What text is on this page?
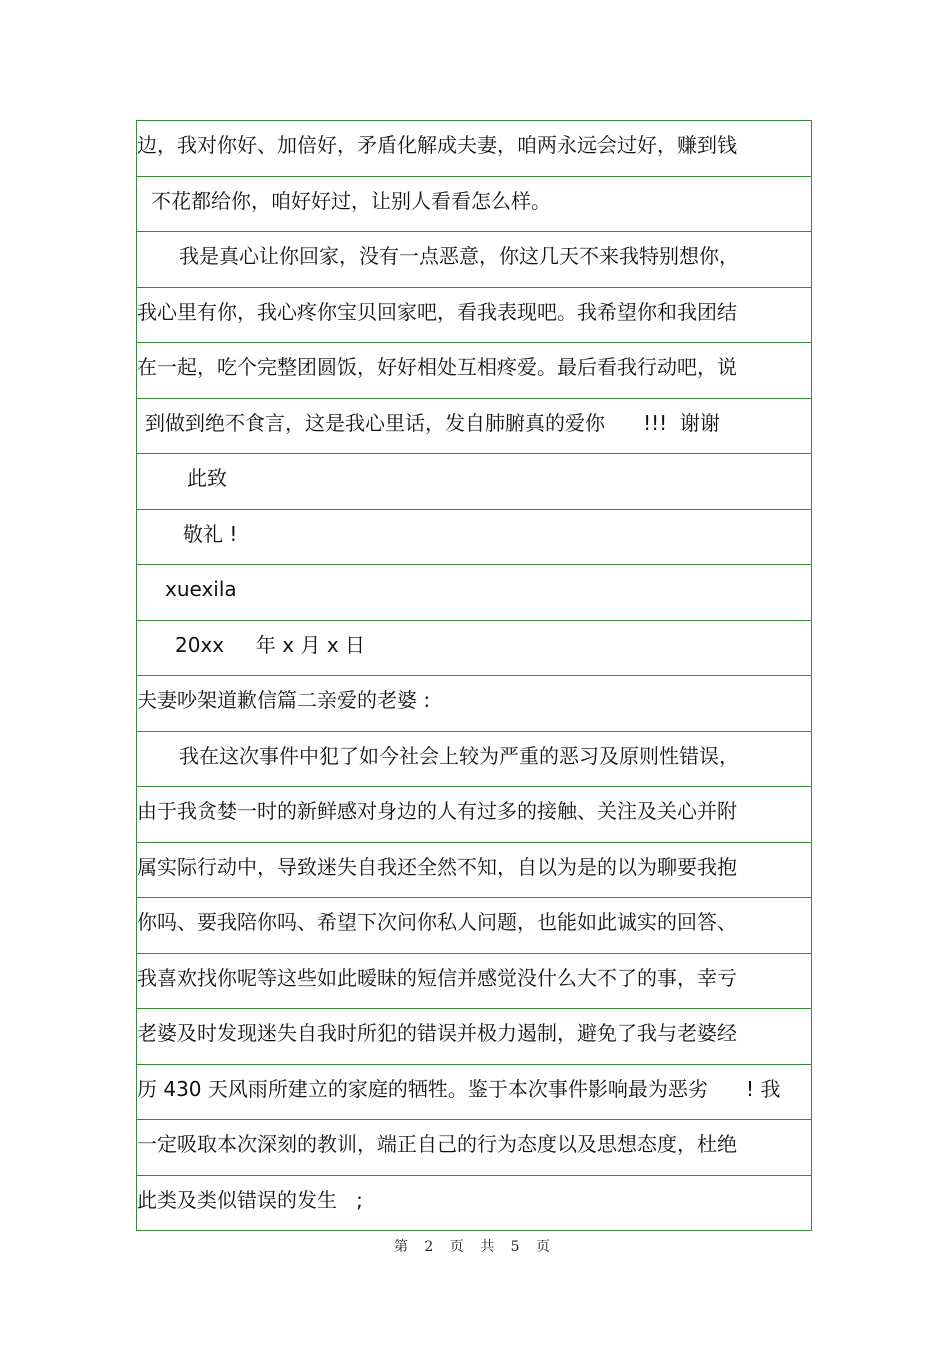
边，我对你好、加倍好，矛盾化解成夫妻，咱两永远会过好，赚到钱
不花都给你，咱好好过，让别人看看怎么样。
我是真心让你回家，没有一点恶意，你这几天不来我特别想你，
我心里有你，我心疼你宝贝回家吧，看我表现吧。我希望你和我团结
在一起，吃个完整团圆饭，好好相处互相疼爱。最后看我行动吧，说
到做到绝不食言，这是我心里话，发自肺腑真的爱你      !!!  谢谢
此致
敬礼 !
xuexila
20xx     年 x 月 x 日
夫妻吵架道歉信篇二亲爱的老婆 :
我在这次事件中犯了如今社会上较为严重的恶习及原则性错误，
由于我贪婪一时的新鲜感对身边的人有过多的接触、关注及关心并附
属实际行动中，导致迷失自我还全然不知，自以为是的以为聊要我抱
你吗、要我陪你吗、希望下次问你私人问题，也能如此诚实的回答、
我喜欢找你呢等这些如此暧昧的短信并感觉没什么大不了的事，幸亏
老婆及时发现迷失自我时所犯的错误并极力遏制，避免了我与老婆经
历 430 天风雨所建立的家庭的牺牲。鉴于本次事件影响最为恶劣      ! 我
一定吸取本次深刻的教训，端正自己的行为态度以及思想态度，杜绝
此类及类似错误的发生   ;
第 2 页 共 5 页
